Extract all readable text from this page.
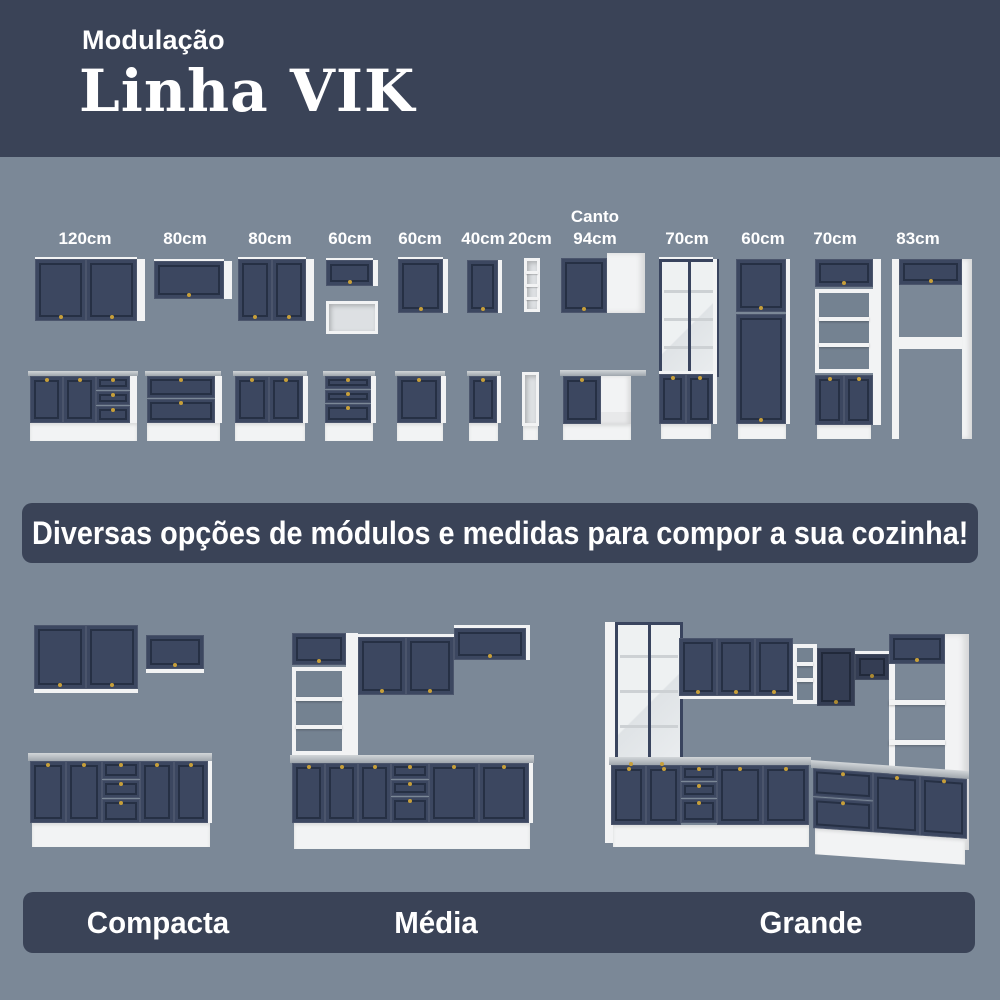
Modulação
Linha VIK
120cm	80cm	80cm	60cm	60cm	40cm 20cm
Canto
94cm	70cm	60cm	70cm	83cm
Diversas opções de módulos e medidas para compor a sua cozinha!
Compacta	Média	Grande
